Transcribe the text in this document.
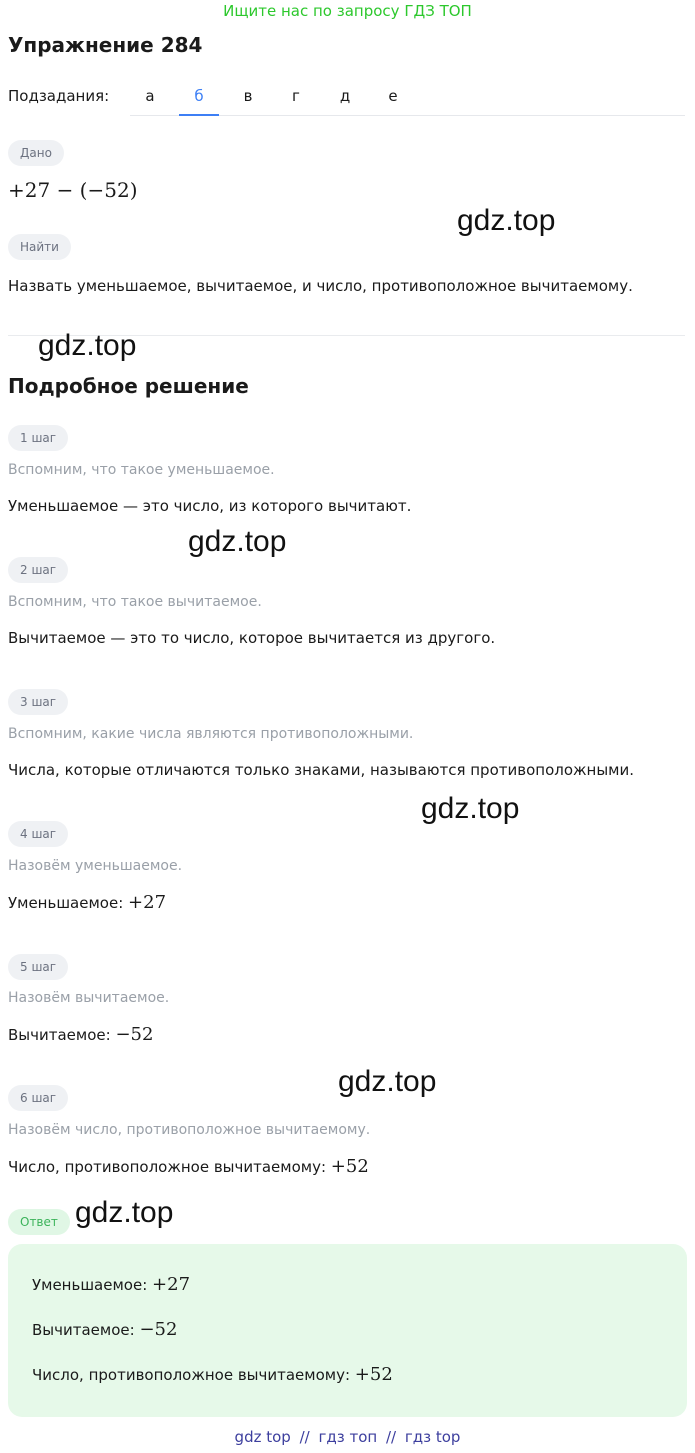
Ищите нас по запросу ГДЗ ТОП
Упражнение 284
Подзадания:	а	б	в	г	д	е
Дано
+27 − (−52)
Найти
Назвать уменьшаемое, вычитаемое, и число, противоположное вычитаемому.
Подробное решение
1 шаг
Вспомним, что такое уменьшаемое.
Уменьшаемое — это число, из которого вычитают.
2 шаг
Вспомним, что такое вычитаемое.
Вычитаемое — это то число, которое вычитается из другого.
3 шаг
Вспомним, какие числа являются противоположными.
Числа, которые отличаются только знаками, называются противоположными.
4 шаг
Назовём уменьшаемое.
Уменьшаемое: +27
5 шаг
Назовём вычитаемое.
Вычитаемое: −52
6 шаг
Назовём число, противоположное вычитаемому.
Число, противоположное вычитаемому: +52
Ответ
Уменьшаемое: +27
Вычитаемое: −52
Число, противоположное вычитаемому: +52
gdz.top
gdz.top
gdz.top
gdz.top
gdz.top
gdz.top
gdz top // гдз топ // гдз top
